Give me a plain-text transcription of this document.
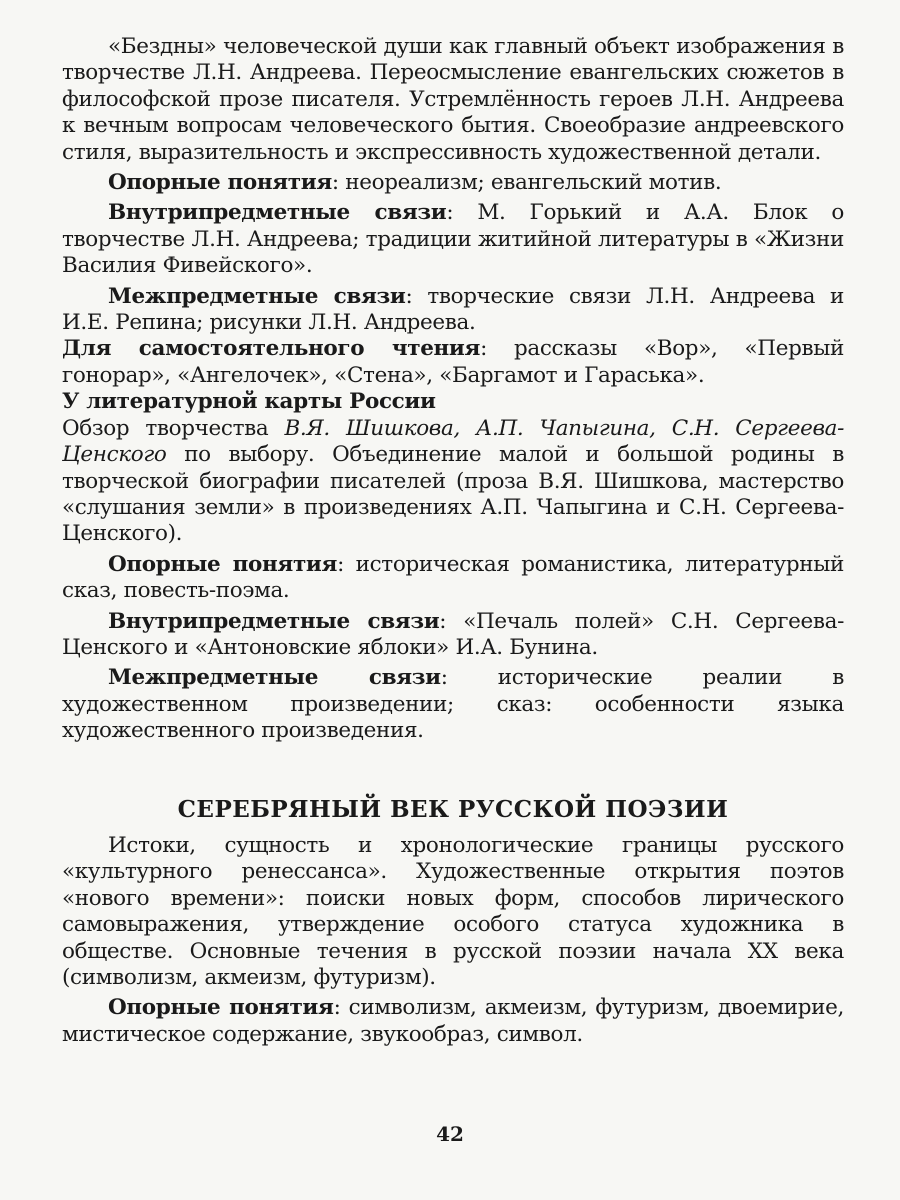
«Бездны» человеческой души как главный объект изображения в творчестве Л.Н. Андреева. Переосмысление евангельских сюжетов в философской прозе писателя. Устремлённость героев Л.Н. Андреева к вечным вопросам человеческого бытия. Своеобразие андреевского стиля, выразительность и экспрессивность художественной детали.

Опорные понятия: неореализм; евангельский мотив.

Внутрипредметные связи: М. Горький и А.А. Блок о творчестве Л.Н. Андреева; традиции житийной литературы в «Жизни Василия Фивейского».

Межпредметные связи: творческие связи Л.Н. Андреева и И.Е. Репина; рисунки Л.Н. Андреева.

Для самостоятельного чтения: рассказы «Вор», «Первый гонорар», «Ангелочек», «Стена», «Баргамот и Гараська».

У литературной карты России

Обзор творчества В.Я. Шишкова, А.П. Чапыгина, С.Н. Сергеева-Ценского по выбору. Объединение малой и большой родины в творческой биографии писателей (проза В.Я. Шишкова, мастерство «слушания земли» в произведениях А.П. Чапыгина и С.Н. Сергеева-Ценского).

Опорные понятия: историческая романистика, литературный сказ, повесть-поэма.

Внутрипредметные связи: «Печаль полей» С.Н. Сергеева-Ценского и «Антоновские яблоки» И.А. Бунина.

Межпредметные связи: исторические реалии в художественном произведении; сказ: особенности языка художественного произведения.

СЕРЕБРЯНЫЙ ВЕК РУССКОЙ ПОЭЗИИ

Истоки, сущность и хронологические границы русского «культурного ренессанса». Художественные открытия поэтов «нового времени»: поиски новых форм, способов лирического самовыражения, утверждение особого статуса художника в обществе. Основные течения в русской поэзии начала XX века (символизм, акмеизм, футуризм).

Опорные понятия: символизм, акмеизм, футуризм, двоемирие, мистическое содержание, звукообраз, символ.

42
